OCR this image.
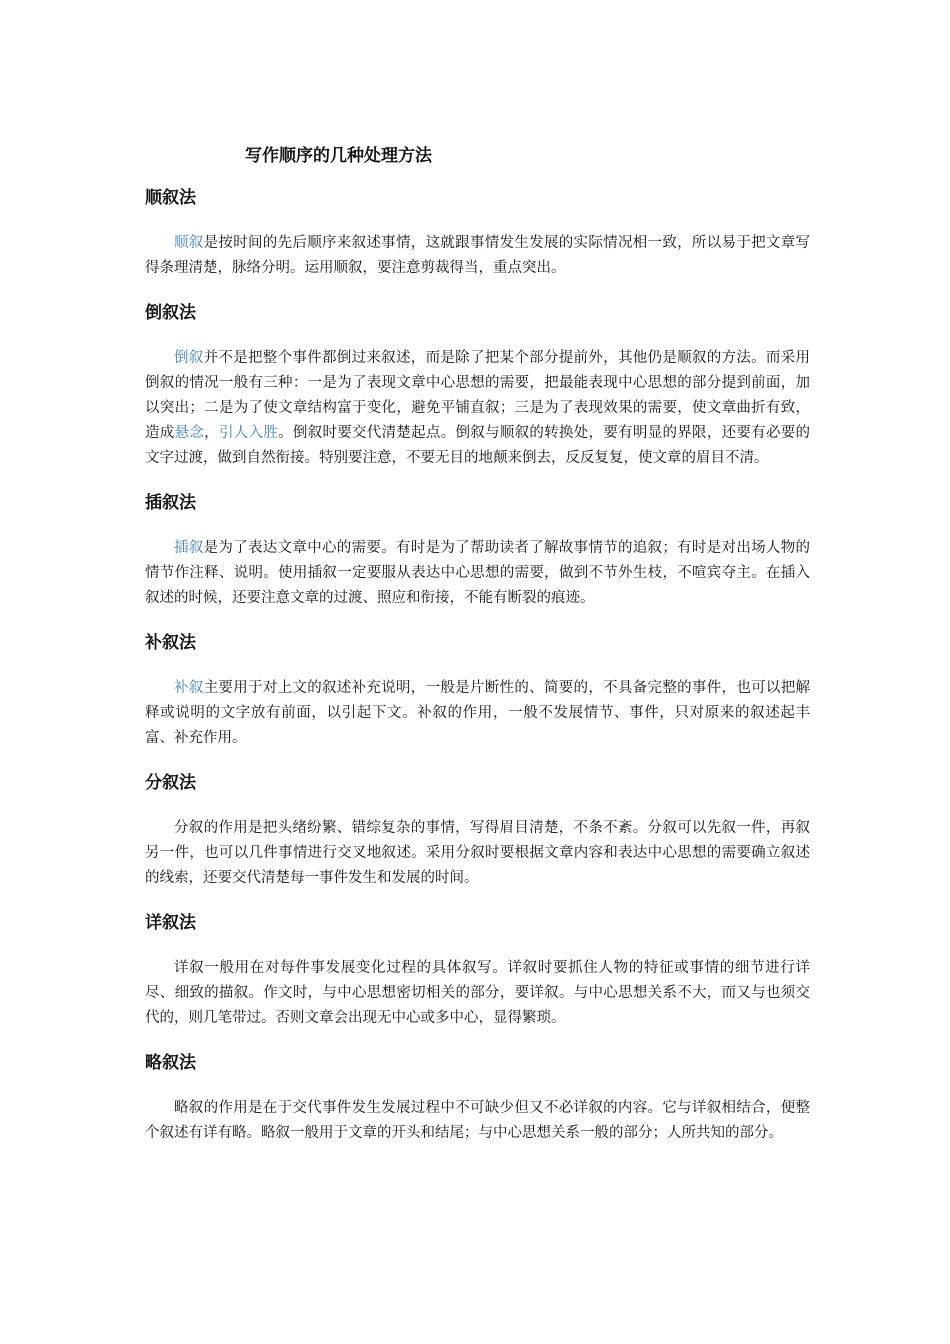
写作顺序的几种处理方法
顺叙法

顺叙是按时间的先后顺序来叙述事情，这就跟事情发生发展的实际情况相一致，所以易于把文章写得条理清楚，脉络分明。运用顺叙，要注意剪裁得当，重点突出。

倒叙法

倒叙并不是把整个事件都倒过来叙述，而是除了把某个部分提前外，其他仍是顺叙的方法。而采用倒叙的情况一般有三种：一是为了表现文章中心思想的需要，把最能表现中心思想的部分提到前面，加以突出；二是为了使文章结构富于变化，避免平铺直叙；三是为了表现效果的需要，使文章曲折有致，造成悬念，引人入胜。倒叙时要交代清楚起点。倒叙与顺叙的转换处，要有明显的界限，还要有必要的文字过渡，做到自然衔接。特别要注意，不要无目的地颠来倒去，反反复复，使文章的眉目不清。

插叙法

插叙是为了表达文章中心的需要。有时是为了帮助读者了解故事情节的追叙；有时是对出场人物的情节作注释、说明。使用插叙一定要服从表达中心思想的需要，做到不节外生枝，不喧宾夺主。在插入叙述的时候，还要注意文章的过渡、照应和衔接，不能有断裂的痕迹。

补叙法

补叙主要用于对上文的叙述补充说明，一般是片断性的、简要的，不具备完整的事件，也可以把解释或说明的文字放有前面，以引起下文。补叙的作用，一般不发展情节、事件，只对原来的叙述起丰富、补充作用。

分叙法

分叙的作用是把头绪纷繁、错综复杂的事情，写得眉目清楚，不条不紊。分叙可以先叙一件，再叙另一件，也可以几件事情进行交叉地叙述。采用分叙时要根据文章内容和表达中心思想的需要确立叙述的线索，还要交代清楚每一事件发生和发展的时间。

详叙法

详叙一般用在对每件事发展变化过程的具体叙写。详叙时要抓住人物的特征或事情的细节进行详尽、细致的描叙。作文时，与中心思想密切相关的部分，要详叙。与中心思想关系不大，而又与也须交代的，则几笔带过。否则文章会出现无中心或多中心，显得繁琐。

略叙法

略叙的作用是在于交代事件发生发展过程中不可缺少但又不必详叙的内容。它与详叙相结合，便整个叙述有详有略。略叙一般用于文章的开头和结尾；与中心思想关系一般的部分；人所共知的部分。
